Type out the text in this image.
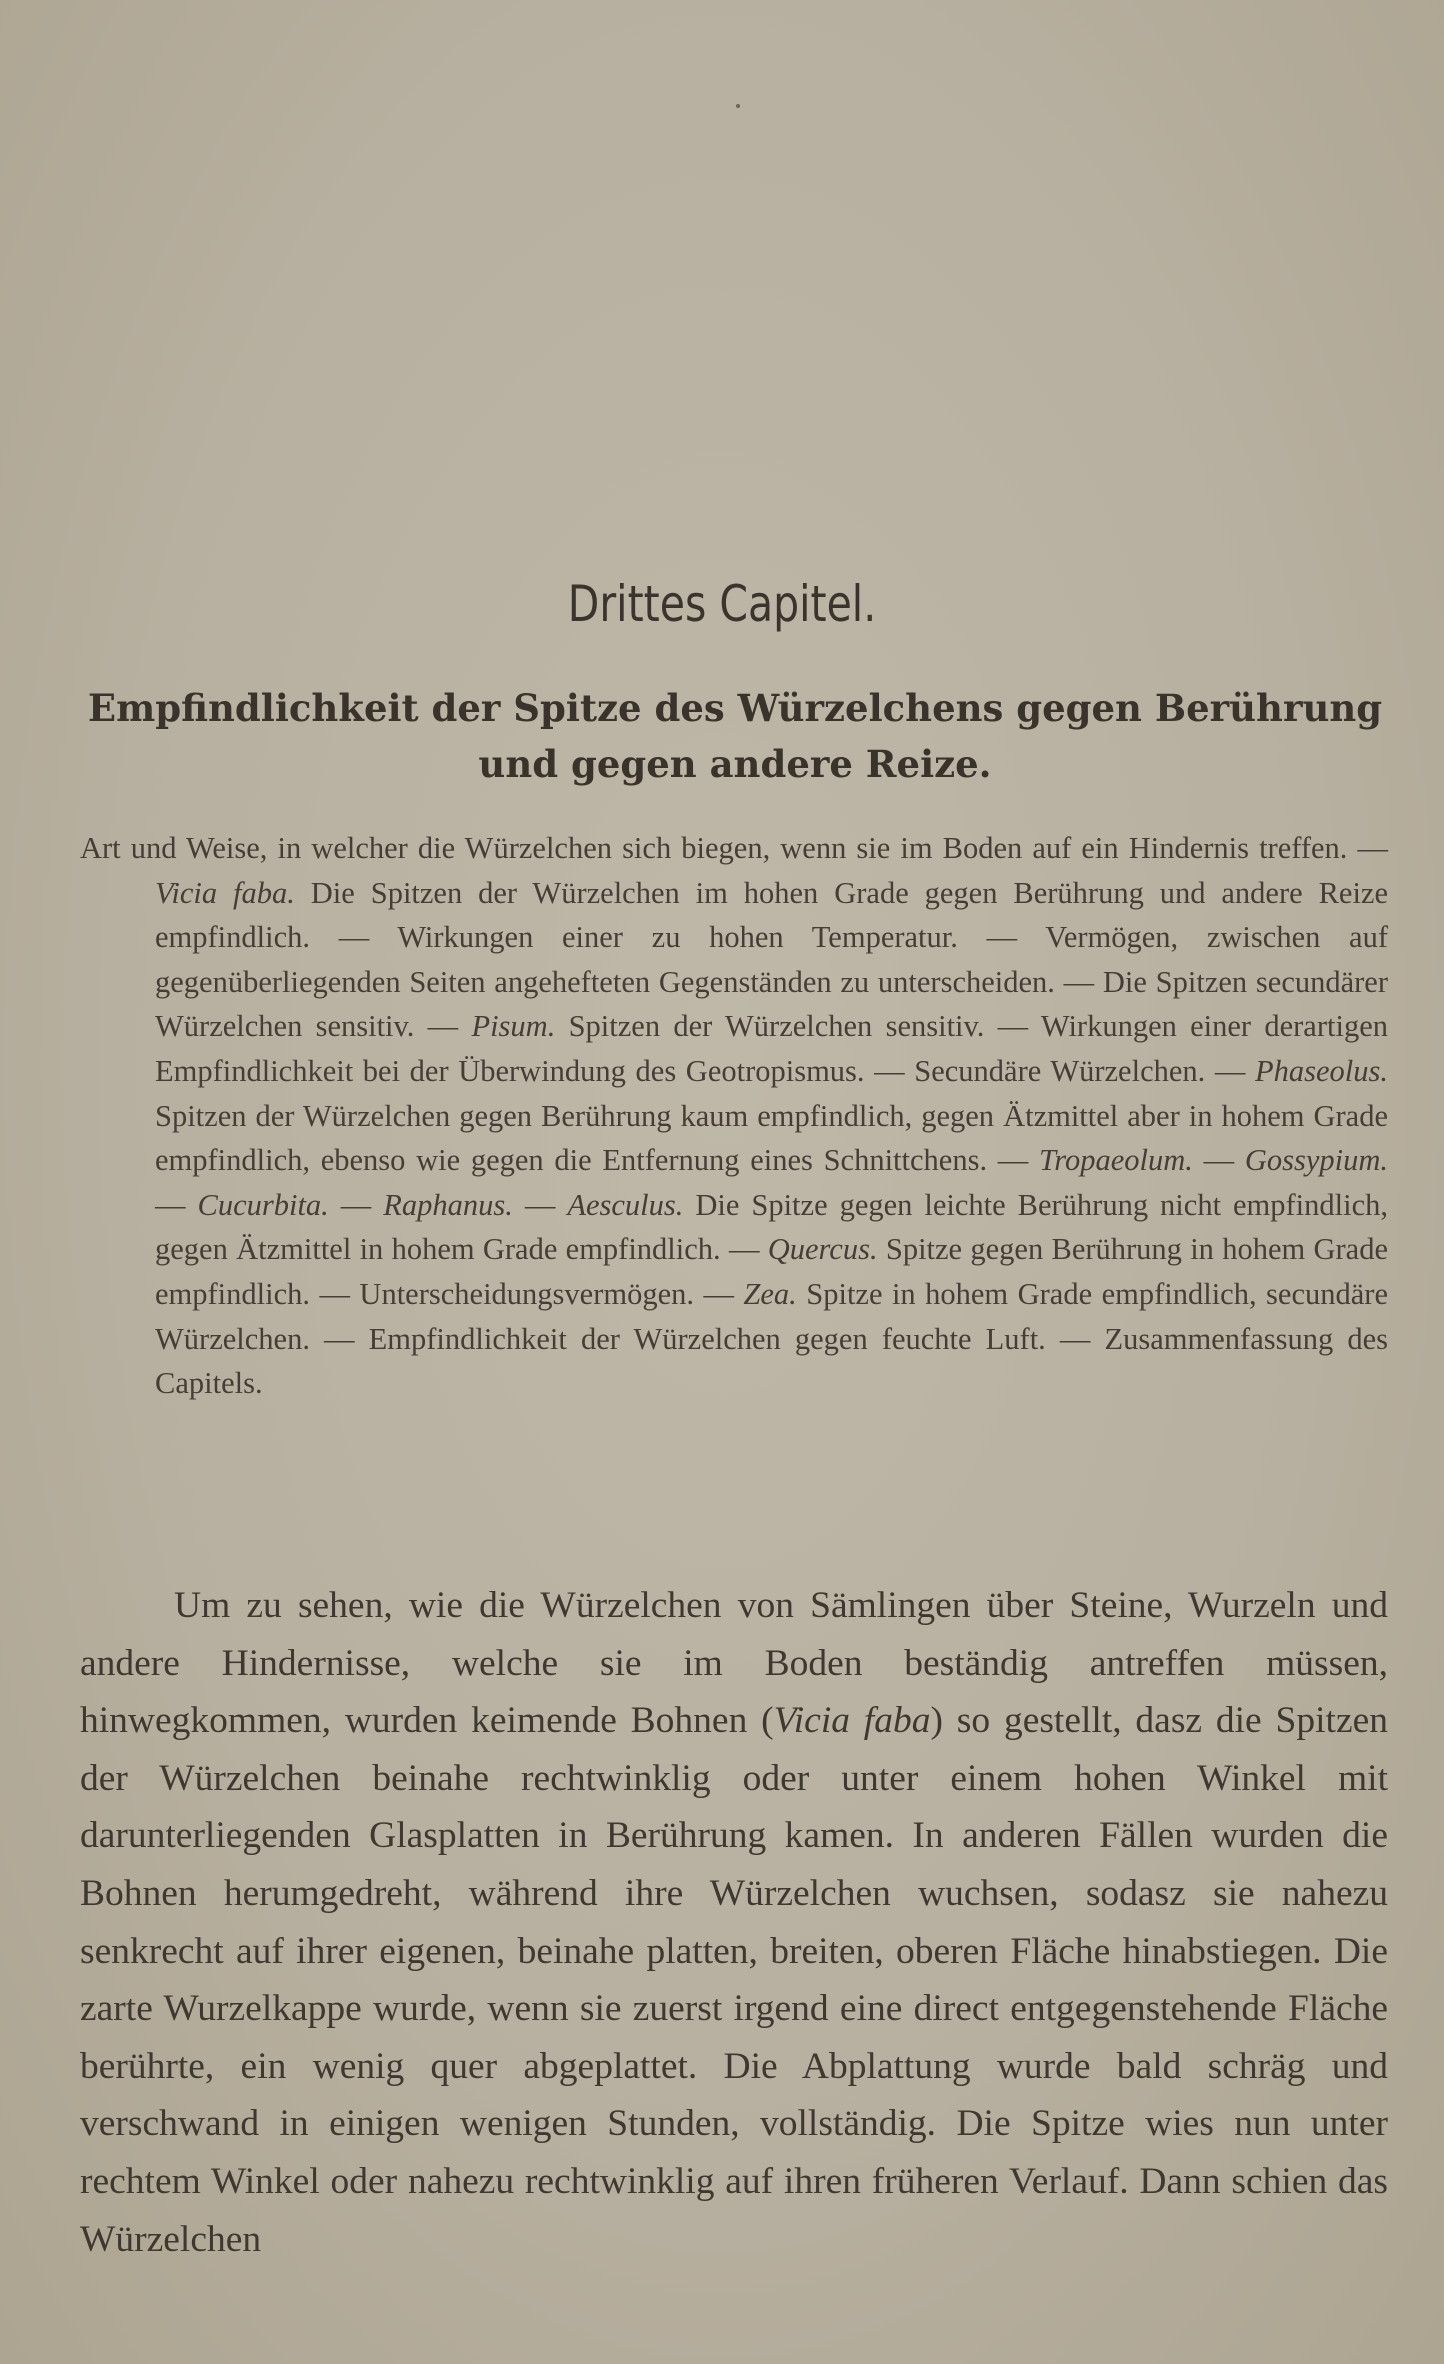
Drittes Capitel.
Empfindlichkeit der Spitze des Würzelchens gegen Berührung und gegen andere Reize.

Art und Weise, in welcher die Würzelchen sich biegen, wenn sie im Boden auf ein Hindernis treffen. — Vicia faba. Die Spitzen der Würzelchen im hohen Grade gegen Berührung und andere Reize empfindlich. — Wirkungen einer zu hohen Temperatur. — Vermögen, zwischen auf gegenüberliegenden Seiten angehefteten Gegenständen zu unterscheiden. — Die Spitzen secundärer Würzelchen sensitiv. — Pisum. Spitzen der Würzelchen sensitiv. — Wirkungen einer derartigen Empfindlichkeit bei der Überwindung des Geotropismus. — Secundäre Würzelchen. — Phaseolus. Spitzen der Würzelchen gegen Berührung kaum empfindlich, gegen Ätzmittel aber in hohem Grade empfindlich, ebenso wie gegen die Entfernung eines Schnittchens. — Tropaeolum. — Gossypium. — Cucurbita. — Raphanus. — Aesculus. Die Spitze gegen leichte Berührung nicht empfindlich, gegen Ätzmittel in hohem Grade empfindlich. — Quercus. Spitze gegen Berührung in hohem Grade empfindlich. — Unterscheidungsvermögen. — Zea. Spitze in hohem Grade empfindlich, secundäre Würzelchen. — Empfindlichkeit der Würzelchen gegen feuchte Luft. — Zusammenfassung des Capitels.

Um zu sehen, wie die Würzelchen von Sämlingen über Steine, Wurzeln und andere Hindernisse, welche sie im Boden beständig antreffen müssen, hinwegkommen, wurden keimende Bohnen (Vicia faba) so gestellt, dasz die Spitzen der Würzelchen beinahe rechtwinklig oder unter einem hohen Winkel mit darunterliegenden Glasplatten in Berührung kamen. In anderen Fällen wurden die Bohnen herumgedreht, während ihre Würzelchen wuchsen, sodasz sie nahezu senkrecht auf ihrer eigenen, beinahe platten, breiten, oberen Fläche hinabstiegen. Die zarte Wurzelkappe wurde, wenn sie zuerst irgend eine direct entgegenstehende Fläche berührte, ein wenig quer abgeplattet. Die Abplattung wurde bald schräg und verschwand in einigen wenigen Stunden, vollständig. Die Spitze wies nun unter rechtem Winkel oder nahezu rechtwinklig auf ihren früheren Verlauf. Dann schien das Würzelchen
